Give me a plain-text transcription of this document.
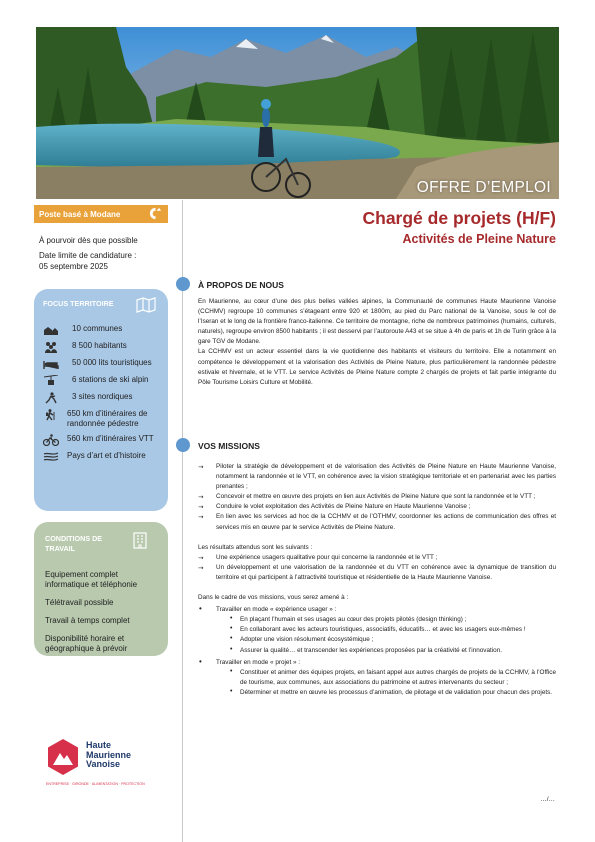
OFFRE D’EMPLOI
Poste basé à Modane

À pourvoir dès que possible

Date limite de candidature :

05 septembre 2025

FOCUS TERRITOIRE
10 communes
8 500 habitants
50 000 lits touristiques
6 stations de ski alpin
3 sites nordiques
650 km d’itinéraires de randonnée pédestre
560 km d’itinéraires VTT
Pays d’art et d’histoire
CONDITIONS DE TRAVAIL
Equipement complet informatique et téléphonie
Télétravail possible
Travail à temps complet
Disponibilité horaire et géographique à prévoir
Haute
Maurienne
Vanoise
ENTREPRISE · GIRONDE · ALIMENTATION · PROTECTION
Chargé de projets (H/F)
Activités de Pleine Nature
À PROPOS DE NOUS

En Maurienne, au cœur d’une des plus belles vallées alpines, la Communauté de communes Haute Maurienne Vanoise (CCHMV) regroupe 10 communes s’étageant entre 920 et 1800m, au pied du Parc national de la Vanoise, sous le col de l’Iseran et le long de la frontière franco-italienne. Ce territoire de montagne, riche de nombreux patrimoines (humains, culturels, naturels), regroupe environ 8500 habitants ; il est desservi par l’autoroute A43 et se situe à 4h de paris et 1h de Turin grâce à la gare TGV de Modane.

La CCHMV est un acteur essentiel dans la vie quotidienne des habitants et visiteurs du territoire. Elle a notamment en compétence le développement et la valorisation des Activités de Pleine Nature, plus particulièrement la randonnée pédestre estivale et hivernale, et le VTT. Le service Activités de Pleine Nature compte 2 chargés de projets et fait partie intégrante du Pôle Tourisme Loisirs Culture et Mobilité.

VOS MISSIONS
→ Piloter la stratégie de développement et de valorisation des Activités de Pleine Nature en Haute Maurienne Vanoise, notamment la randonnée et le VTT, en cohérence avec la vision stratégique territoriale et en partenariat avec les parties prenantes ;
→ Concevoir et mettre en œuvre des projets en lien aux Activités de Pleine Nature que sont la randonnée et le VTT ;
→ Conduire le volet exploitation des Activités de Pleine Nature en Haute Maurienne Vanoise ;
→ En lien avec les services ad hoc de la CCHMV et de l’OTHMV, coordonner les actions de communication des offres et services mis en œuvre par le service Activités de Pleine Nature.

Les résultats attendus sont les suivants :

→ Une expérience usagers qualitative pour qui concerne la randonnée et le VTT ;
→ Un développement et une valorisation de la randonnée et du VTT en cohérence avec la dynamique de transition du territoire et qui participent à l’attractivité touristique et résidentielle de la Haute Maurienne Vanoise.

Dans le cadre de vos missions, vous serez amené à :

• Travailler en mode « expérience usager » :
• En plaçant l’humain et ses usages au cœur des projets pilotés (design thinking) ;
• En collaborant avec les acteurs touristiques, associatifs, éducatifs… et avec les usagers eux-mêmes !
• Adopter une vision résolument écosystémique ;
• Assurer la qualité… et transcender les expériences proposées par la créativité et l’innovation.
• Travailler en mode « projet » :
• Constituer et animer des équipes projets, en faisant appel aux autres chargés de projets de la CCHMV, à l’Office de tourisme, aux communes, aux associations du patrimoine et autres intervenants du secteur ;
• Déterminer et mettre en œuvre les processus d’animation, de pilotage et de validation pour chacun des projets.
…/…
